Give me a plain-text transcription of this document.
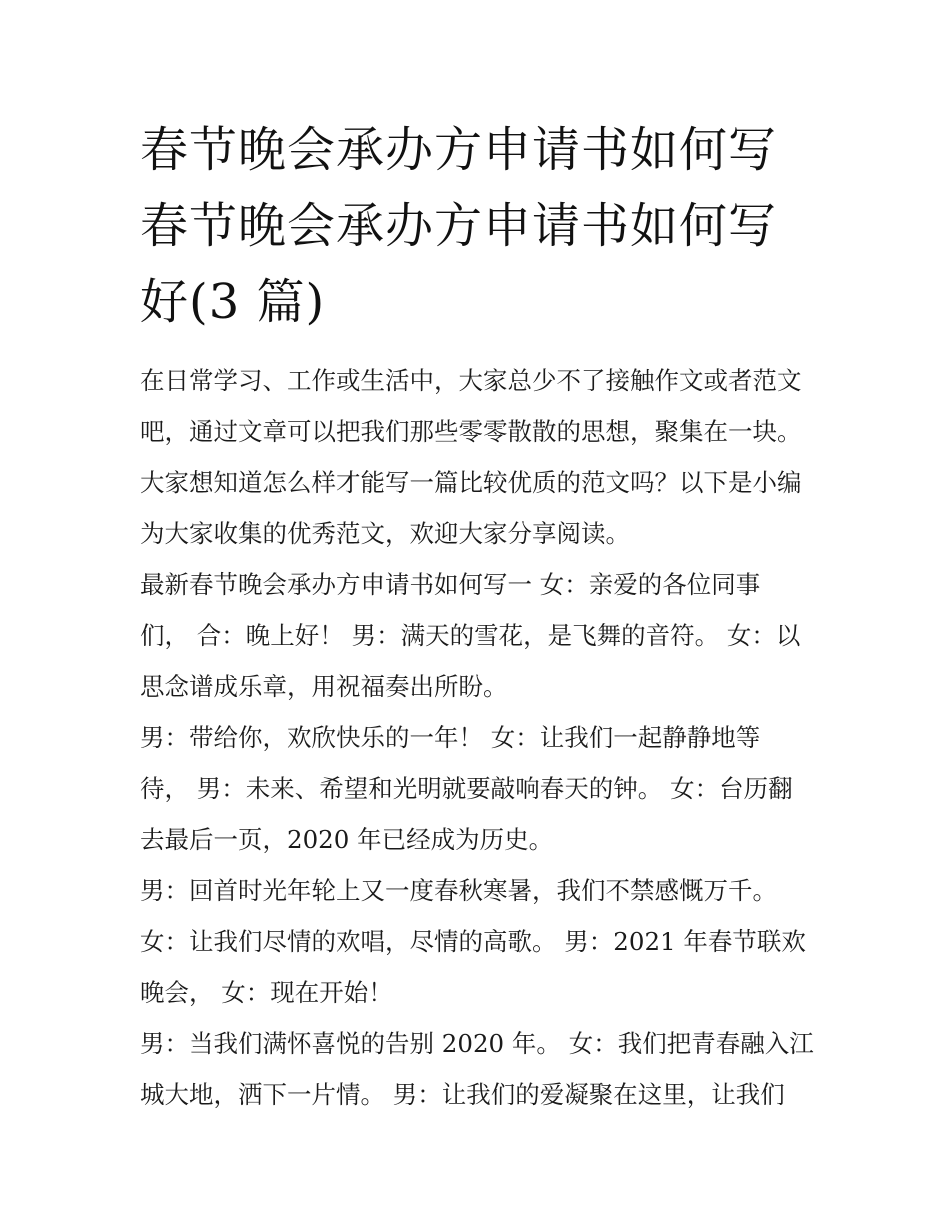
春节晚会承办方申请书如何写
春节晚会承办方申请书如何写
好(3 篇)
在日常学习、工作或生活中，大家总少不了接触作文或者范文
吧，通过文章可以把我们那些零零散散的思想，聚集在一块。
大家想知道怎么样才能写一篇比较优质的范文吗？以下是小编
为大家收集的优秀范文，欢迎大家分享阅读。
最新春节晚会承办方申请书如何写一 女：亲爱的各位同事
们， 合：晚上好！ 男：满天的雪花，是飞舞的音符。 女：以
思念谱成乐章，用祝福奏出所盼。
男：带给你，欢欣快乐的一年！ 女：让我们一起静静地等
待， 男：未来、希望和光明就要敲响春天的钟。 女：台历翻
去最后一页，2020 年已经成为历史。
男：回首时光年轮上又一度春秋寒暑，我们不禁感慨万千。
女：让我们尽情的欢唱，尽情的高歌。 男：2021 年春节联欢
晚会， 女：现在开始！
男：当我们满怀喜悦的告别 2020 年。 女：我们把青春融入江
城大地，洒下一片情。 男：让我们的爱凝聚在这里，让我们
